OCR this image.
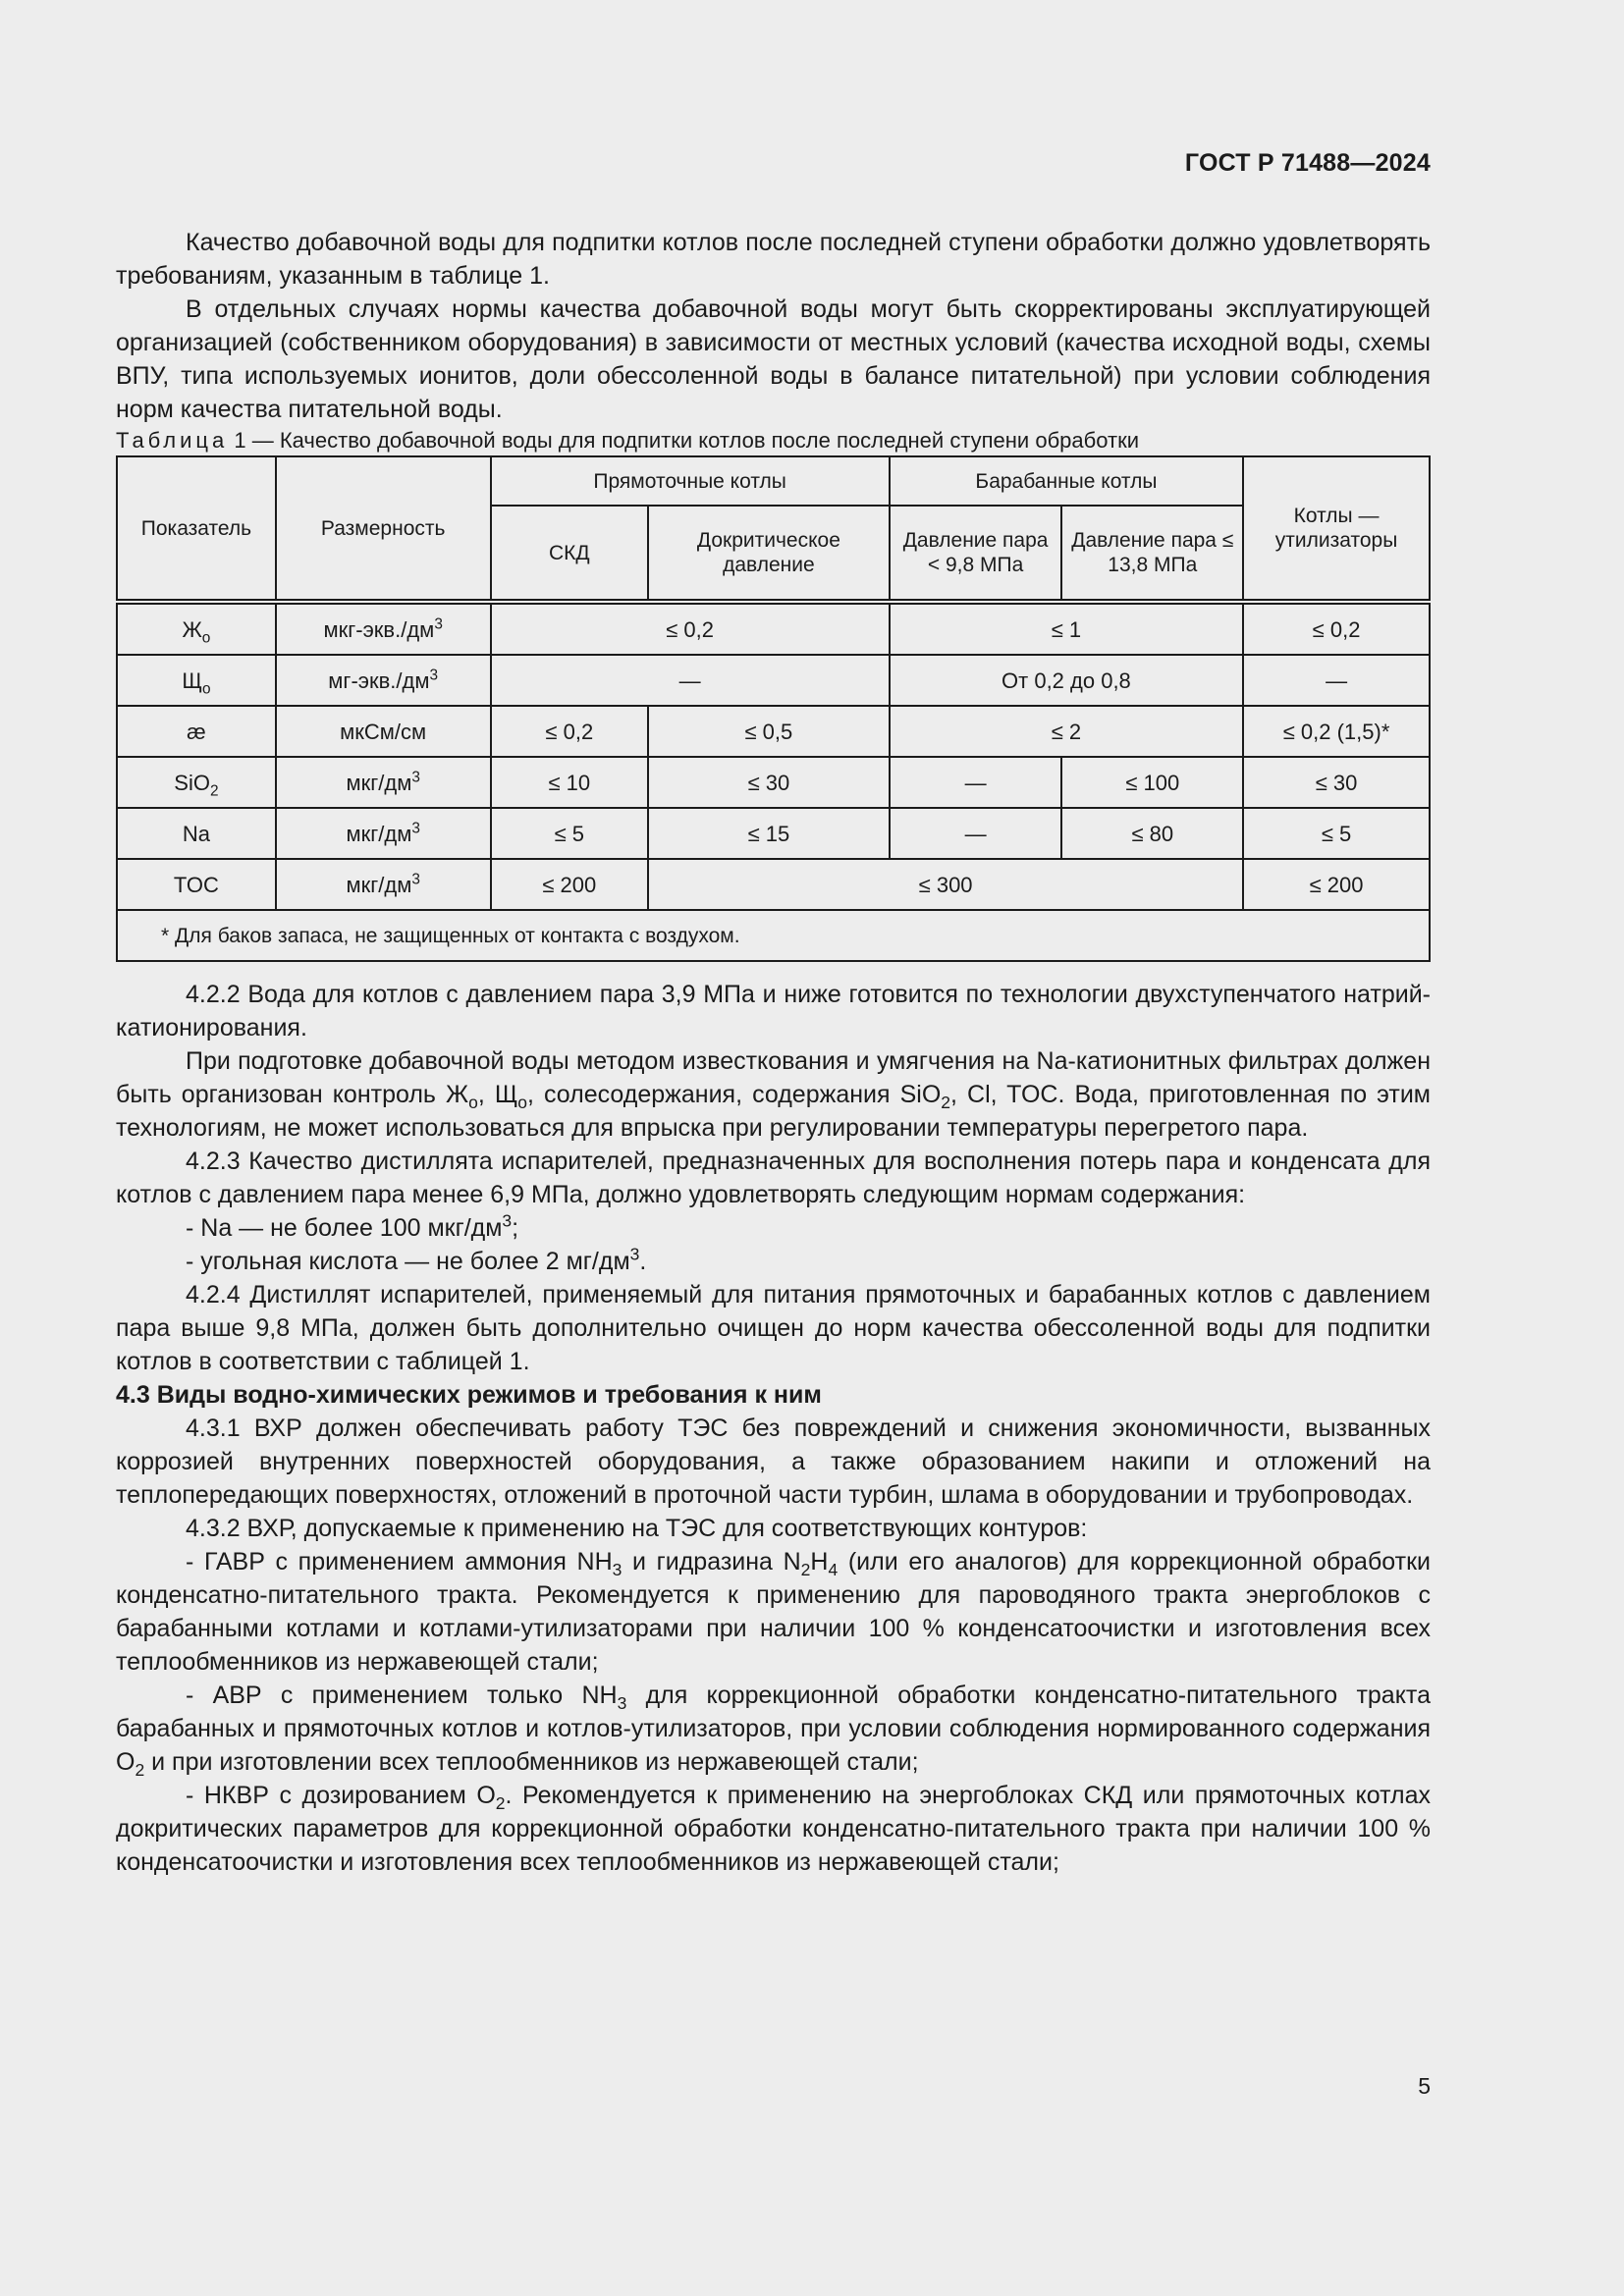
ГОСТ Р 71488—2024

Качество добавочной воды для подпитки котлов после последней ступени обработки должно удовлетворять требованиям, указанным в таблице 1.

В отдельных случаях нормы качества добавочной воды могут быть скорректированы эксплуатирующей организацией (собственником оборудования) в зависимости от местных условий (качества исходной воды, схемы ВПУ, типа используемых ионитов, доли обессоленной воды в балансе питательной) при условии соблюдения норм качества питательной воды.

Таблица 1 — Качество добавочной воды для подпитки котлов после последней ступени обработки

Показатель	Размерность	Прямоточные котлы		Барабанные котлы		Котлы — утилизаторы
		СКД	Докритическое давление	Давление пара < 9,8 МПа	Давление пара ≤ 13,8 МПа	
$Ж_о$	мкг-$экв./дм^3$	≤ 0,2		≤ 1		≤ 0,2
$Щ_о$	$мг-экв./дм^3$	—		От 0,2 до 0,8		—
æ	мкСм/см	≤ 0,2	≤ 0,5	≤ 2		≤ 0,2 (1,5)*
SiO$_2$	мкг/$дм^3$	≤ 10	≤ 30	—	≤ 100	≤ 30
Na	мкг/$дм^3$	≤ 5	≤ 15	—	≤ 80	≤ 5
TOC	мкг/$дм^3$	≤ 200	≤ 300			≤ 200
* Для баков запаса, не защищенных от контакта с воздухом.						

4.2.2 Вода для котлов с давлением пара 3,9 МПа и ниже готовится по технологии двухступенчатого натрий-катионирования.

При подготовке добавочной воды методом известкования и умягчения на Na-катионитных фильтрах должен быть организован контроль $Ж_о$, $Щ_о$, солесодержания, содержания SiO$_2$, Cl, TOC. Вода, приготовленная по этим технологиям, не может использоваться для впрыска при регулировании температуры перегретого пара.

4.2.3 Качество дистиллята испарителей, предназначенных для восполнения потерь пара и конденсата для котлов с давлением пара менее 6,9 МПа, должно удовлетворять следующим нормам содержания:

- Na — не более 100 мкг/$дм^3$;

- угольная кислота — не более 2 $мг/дм^3$.

4.2.4 Дистиллят испарителей, применяемый для питания прямоточных и барабанных котлов с давлением пара выше 9,8 МПа, должен быть дополнительно очищен до норм качества обессоленной воды для подпитки котлов в соответствии с таблицей 1.

4.3 Виды водно-химических режимов и требования к ним

4.3.1 ВХР должен обеспечивать работу ТЭС без повреждений и снижения экономичности, вызванных коррозией внутренних поверхностей оборудования, а также образованием накипи и отложений на теплопередающих поверхностях, отложений в проточной части турбин, шлама в оборудовании и трубопроводах.

4.3.2 ВХР, допускаемые к применению на ТЭС для соответствующих контуров:

- ГАВР с применением аммония $NH_3$ и гидразина $N_2H_4$ (или его аналогов) для коррекционной обработки конденсатно-питательного тракта. Рекомендуется к применению для пароводяного тракта энергоблоков с барабанными котлами и котлами-утилизаторами при наличии 100 % конденсатоочистки и изготовления всех теплообменников из нержавеющей стали;

- АВР с применением только $NH_3$ для коррекционной обработки конденсатно-питательного тракта барабанных и прямоточных котлов и котлов-утилизаторов, при условии соблюдения нормированного содержания $O_2$ и при изготовлении всех теплообменников из нержавеющей стали;

- НКВР с дозированием $O_2$. Рекомендуется к применению на энергоблоках СКД или прямоточных котлах докритических параметров для коррекционной обработки конденсатно-питательного тракта при наличии 100 % конденсатоочистки и изготовления всех теплообменников из нержавеющей стали;

5
